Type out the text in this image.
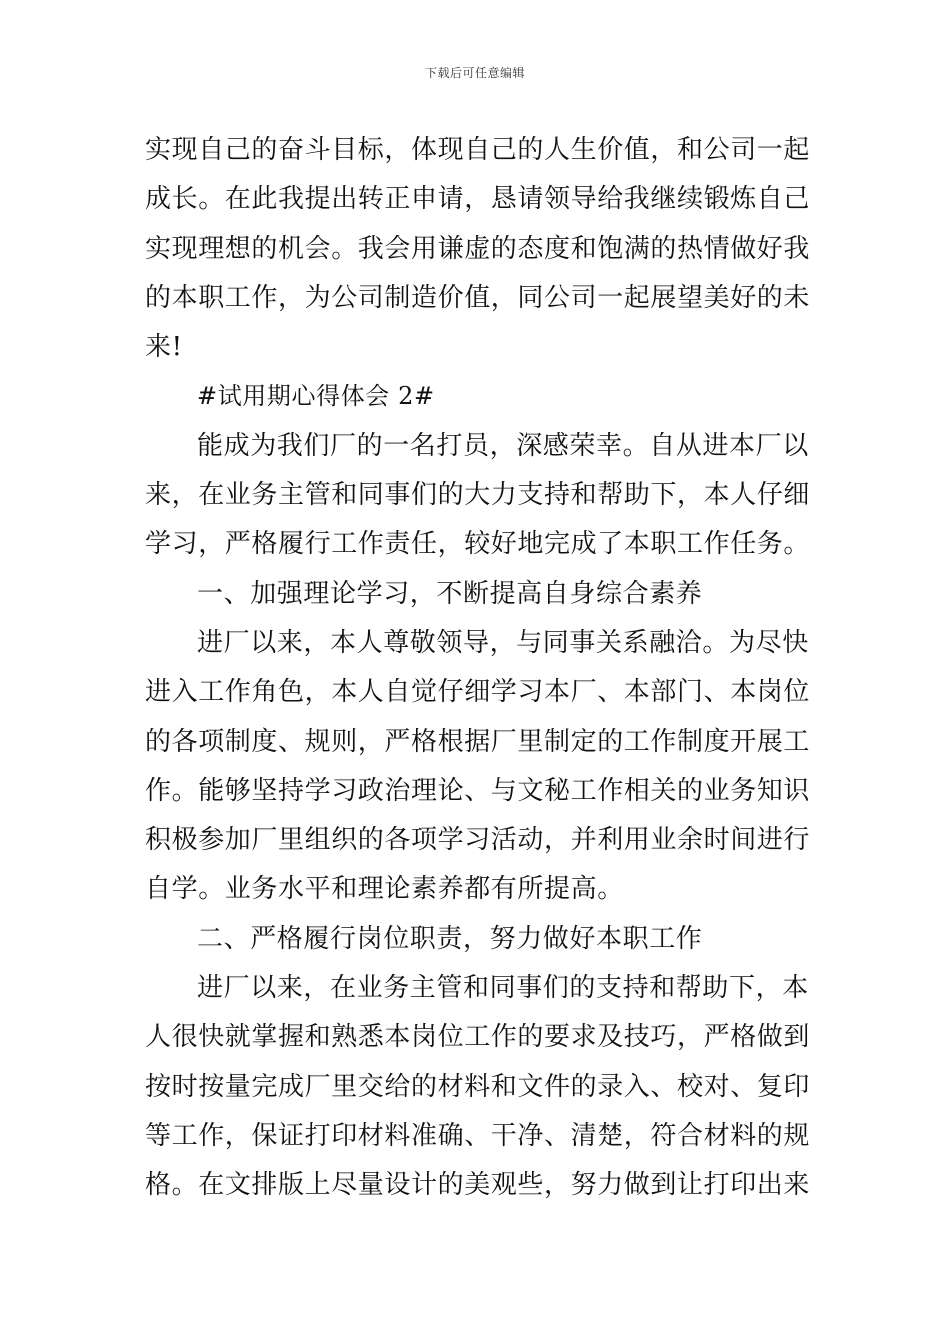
下载后可任意编辑
实现自己的奋斗目标，体现自己的人生价值，和公司一起
成长。在此我提出转正申请，恳请领导给我继续锻炼自己
实现理想的机会。我会用谦虚的态度和饱满的热情做好我
的本职工作，为公司制造价值，同公司一起展望美好的未
来!
#试用期心得体会 2#
能成为我们厂的一名打员，深感荣幸。自从进本厂以
来，在业务主管和同事们的大力支持和帮助下，本人仔细
学习，严格履行工作责任，较好地完成了本职工作任务。
一、加强理论学习，不断提高自身综合素养
进厂以来，本人尊敬领导，与同事关系融洽。为尽快
进入工作角色，本人自觉仔细学习本厂、本部门、本岗位
的各项制度、规则，严格根据厂里制定的工作制度开展工
作。能够坚持学习政治理论、与文秘工作相关的业务知识
积极参加厂里组织的各项学习活动，并利用业余时间进行
自学。业务水平和理论素养都有所提高。
二、严格履行岗位职责，努力做好本职工作
进厂以来，在业务主管和同事们的支持和帮助下，本
人很快就掌握和熟悉本岗位工作的要求及技巧，严格做到
按时按量完成厂里交给的材料和文件的录入、校对、复印
等工作，保证打印材料准确、干净、清楚，符合材料的规
格。在文排版上尽量设计的美观些，努力做到让打印出来
